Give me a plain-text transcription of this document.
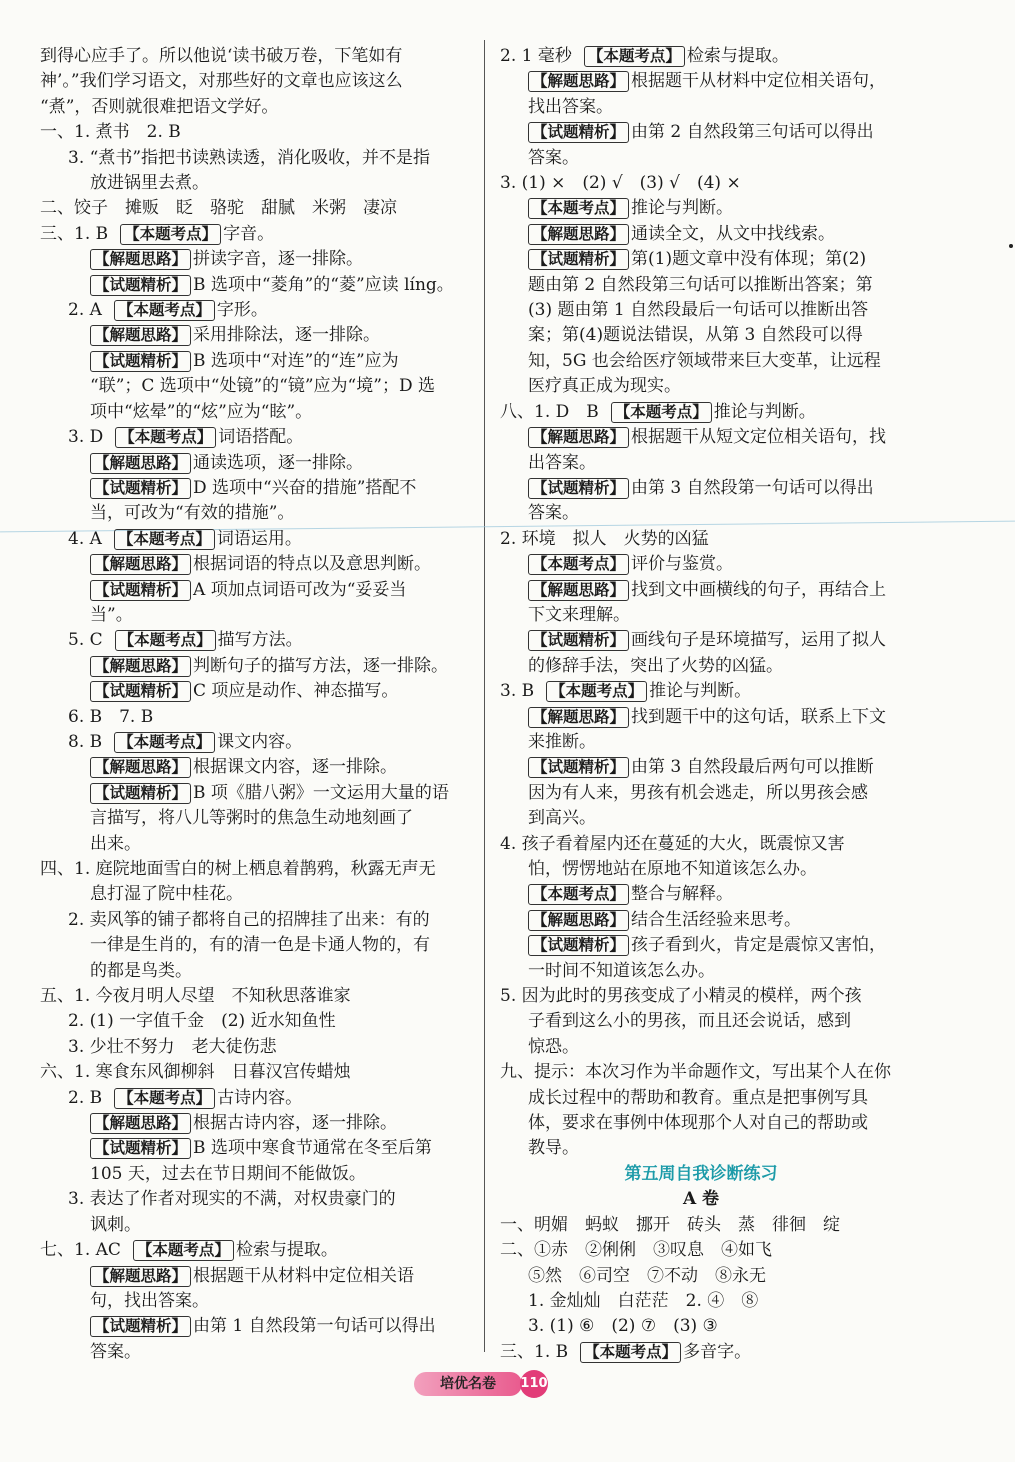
到得心应手了。所以他说‘读书破万卷，下笔如有
神’。”我们学习语文，对那些好的文章也应该这么
“煮”，否则就很难把语文学好。
一、1. 煮书　2. B
3. “煮书”指把书读熟读透，消化吸收，并不是指
放进锅里去煮。
二、饺子　摊贩　眨　骆驼　甜腻　米粥　凄凉
三、1. B 【本题考点】 字音。
【解题思路】 拼读字音，逐一排除。
【试题精析】 B 选项中“菱角”的“菱”应读 líng。
2. A 【本题考点】 字形。
【解题思路】 采用排除法，逐一排除。
【试题精析】 B 选项中“对连”的“连”应为
“联”；C 选项中“处镜”的“镜”应为“境”；D 选
项中“炫晕”的“炫”应为“眩”。
3. D 【本题考点】 词语搭配。
【解题思路】 通读选项，逐一排除。
【试题精析】 D 选项中“兴奋的措施”搭配不
当，可改为“有效的措施”。
4. A 【本题考点】 词语运用。
【解题思路】 根据词语的特点以及意思判断。
【试题精析】 A 项加点词语可改为“妥妥当
当”。
5. C 【本题考点】 描写方法。
【解题思路】 判断句子的描写方法，逐一排除。
【试题精析】 C 项应是动作、神态描写。
6. B　7. B
8. B 【本题考点】 课文内容。
【解题思路】 根据课文内容，逐一排除。
【试题精析】 B 项《腊八粥》一文运用大量的语
言描写，将八儿等粥时的焦急生动地刻画了
出来。
四、1. 庭院地面雪白的树上栖息着鹊鸦，秋露无声无
息打湿了院中桂花。
2. 卖风筝的铺子都将自己的招牌挂了出来：有的
一律是生肖的，有的清一色是卡通人物的，有
的都是鸟类。
五、1. 今夜月明人尽望　不知秋思落谁家
2. (1) 一字值千金　(2) 近水知鱼性
3. 少壮不努力　老大徒伤悲
六、1. 寒食东风御柳斜　日暮汉宫传蜡烛
2. B 【本题考点】 古诗内容。
【解题思路】 根据古诗内容，逐一排除。
【试题精析】 B 选项中寒食节通常在冬至后第
105 天，过去在节日期间不能做饭。
3. 表达了作者对现实的不满，对权贵豪门的
讽刺。
七、1. AC 【本题考点】 检索与提取。
【解题思路】 根据题干从材料中定位相关语
句，找出答案。
【试题精析】 由第 1 自然段第一句话可以得出
答案。
2. 1 毫秒 【本题考点】 检索与提取。
【解题思路】 根据题干从材料中定位相关语句，
找出答案。
【试题精析】 由第 2 自然段第三句话可以得出
答案。
3. (1) ×　(2) √　(3) √　(4) ×
【本题考点】 推论与判断。
【解题思路】 通读全文，从文中找线索。
【试题精析】 第(1)题文章中没有体现；第(2)
题由第 2 自然段第三句话可以推断出答案；第
(3) 题由第 1 自然段最后一句话可以推断出答
案；第(4)题说法错误，从第 3 自然段可以得
知，5G 也会给医疗领域带来巨大变革，让远程
医疗真正成为现实。
八、1. D　B 【本题考点】 推论与判断。
【解题思路】 根据题干从短文定位相关语句，找
出答案。
【试题精析】 由第 3 自然段第一句话可以得出
答案。
2. 环境　拟人　火势的凶猛
【本题考点】 评价与鉴赏。
【解题思路】 找到文中画横线的句子，再结合上
下文来理解。
【试题精析】 画线句子是环境描写，运用了拟人
的修辞手法，突出了火势的凶猛。
3. B 【本题考点】 推论与判断。
【解题思路】 找到题干中的这句话，联系上下文
来推断。
【试题精析】 由第 3 自然段最后两句可以推断
因为有人来，男孩有机会逃走，所以男孩会感
到高兴。
4. 孩子看着屋内还在蔓延的大火，既震惊又害
怕，愣愣地站在原地不知道该怎么办。
【本题考点】 整合与解释。
【解题思路】 结合生活经验来思考。
【试题精析】 孩子看到火，肯定是震惊又害怕，
一时间不知道该怎么办。
5. 因为此时的男孩变成了小精灵的模样，两个孩
子看到这么小的男孩，而且还会说话，感到
惊恐。
九、提示：本次习作为半命题作文，写出某个人在你
成长过程中的帮助和教育。重点是把事例写具
体，要求在事例中体现那个人对自己的帮助或
教导。
第五周自我诊断练习
A 卷
一、明媚　蚂蚁　挪开　砖头　蒸　徘徊　绽
二、①赤　②俐俐　③叹息　④如飞
⑤然　⑥司空　⑦不动　⑧永无
1. 金灿灿　白茫茫　2. ④　⑧
3. (1) ⑥　(2) ⑦　(3) ③
三、1. B 【本题考点】 多音字。
培优名卷	110
